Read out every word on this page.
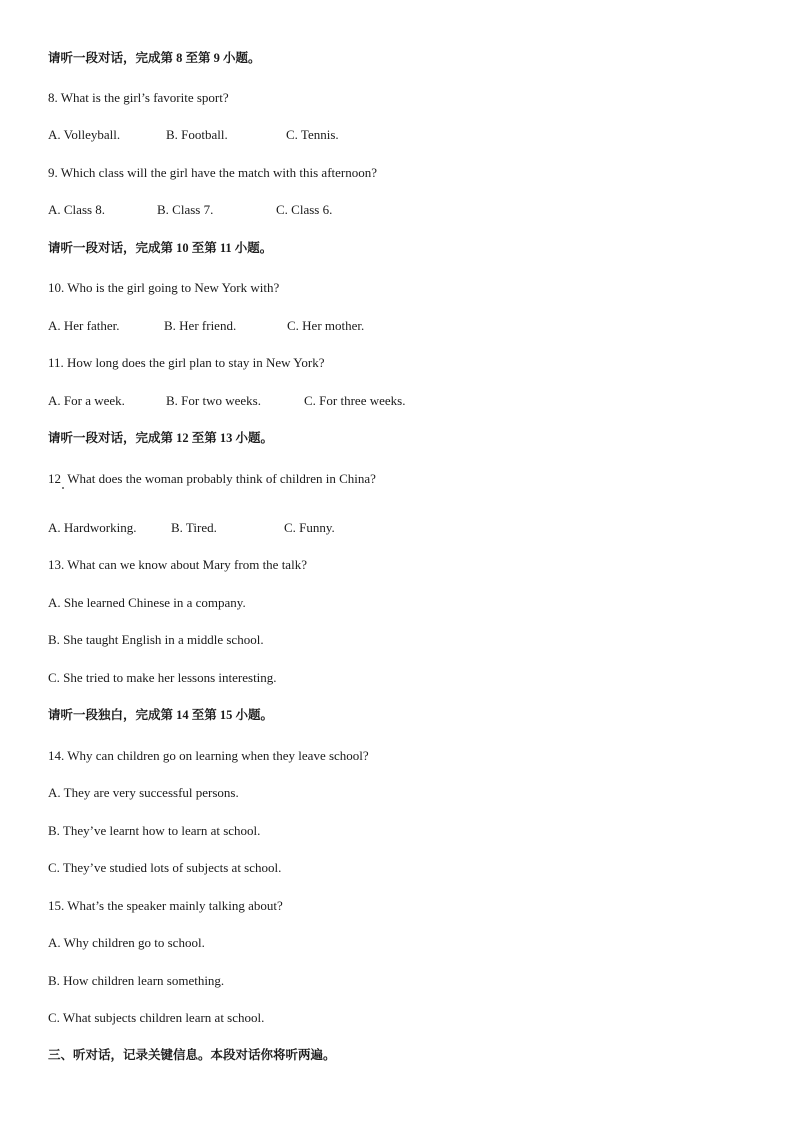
请听一段对话，完成第 8 至第 9 小题。
8. What is the girl’s favorite sport?
A. Volleyball.	B. Football.	C. Tennis.
9. Which class will the girl have the match with this afternoon?
A. Class 8.	B. Class 7.	C. Class 6.
请听一段对话，完成第 10 至第 11 小题。
10. Who is the girl going to New York with?
A. Her father.	B. Her friend.	C. Her mother.
11. How long does the girl plan to stay in New York?
A. For a week.	B. For two weeks.	C. For three weeks.
请听一段对话，完成第 12 至第 13 小题。
12  What does the woman probably think of children in China?
A. Hardworking.	B. Tired.	C. Funny.
13. What can we know about Mary from the talk?
A. She learned Chinese in a company.
B. She taught English in a middle school.
C. She tried to make her lessons interesting.
请听一段独白，完成第 14 至第 15 小题。
14. Why can children go on learning when they leave school?
A. They are very successful persons.
B. They’ve learnt how to learn at school.
C. They’ve studied lots of subjects at school.
15. What’s the speaker mainly talking about?
A. Why children go to school.
B. How children learn something.
C. What subjects children learn at school.
三、听对话，记录关键信息。本段对话你将听两遍。
